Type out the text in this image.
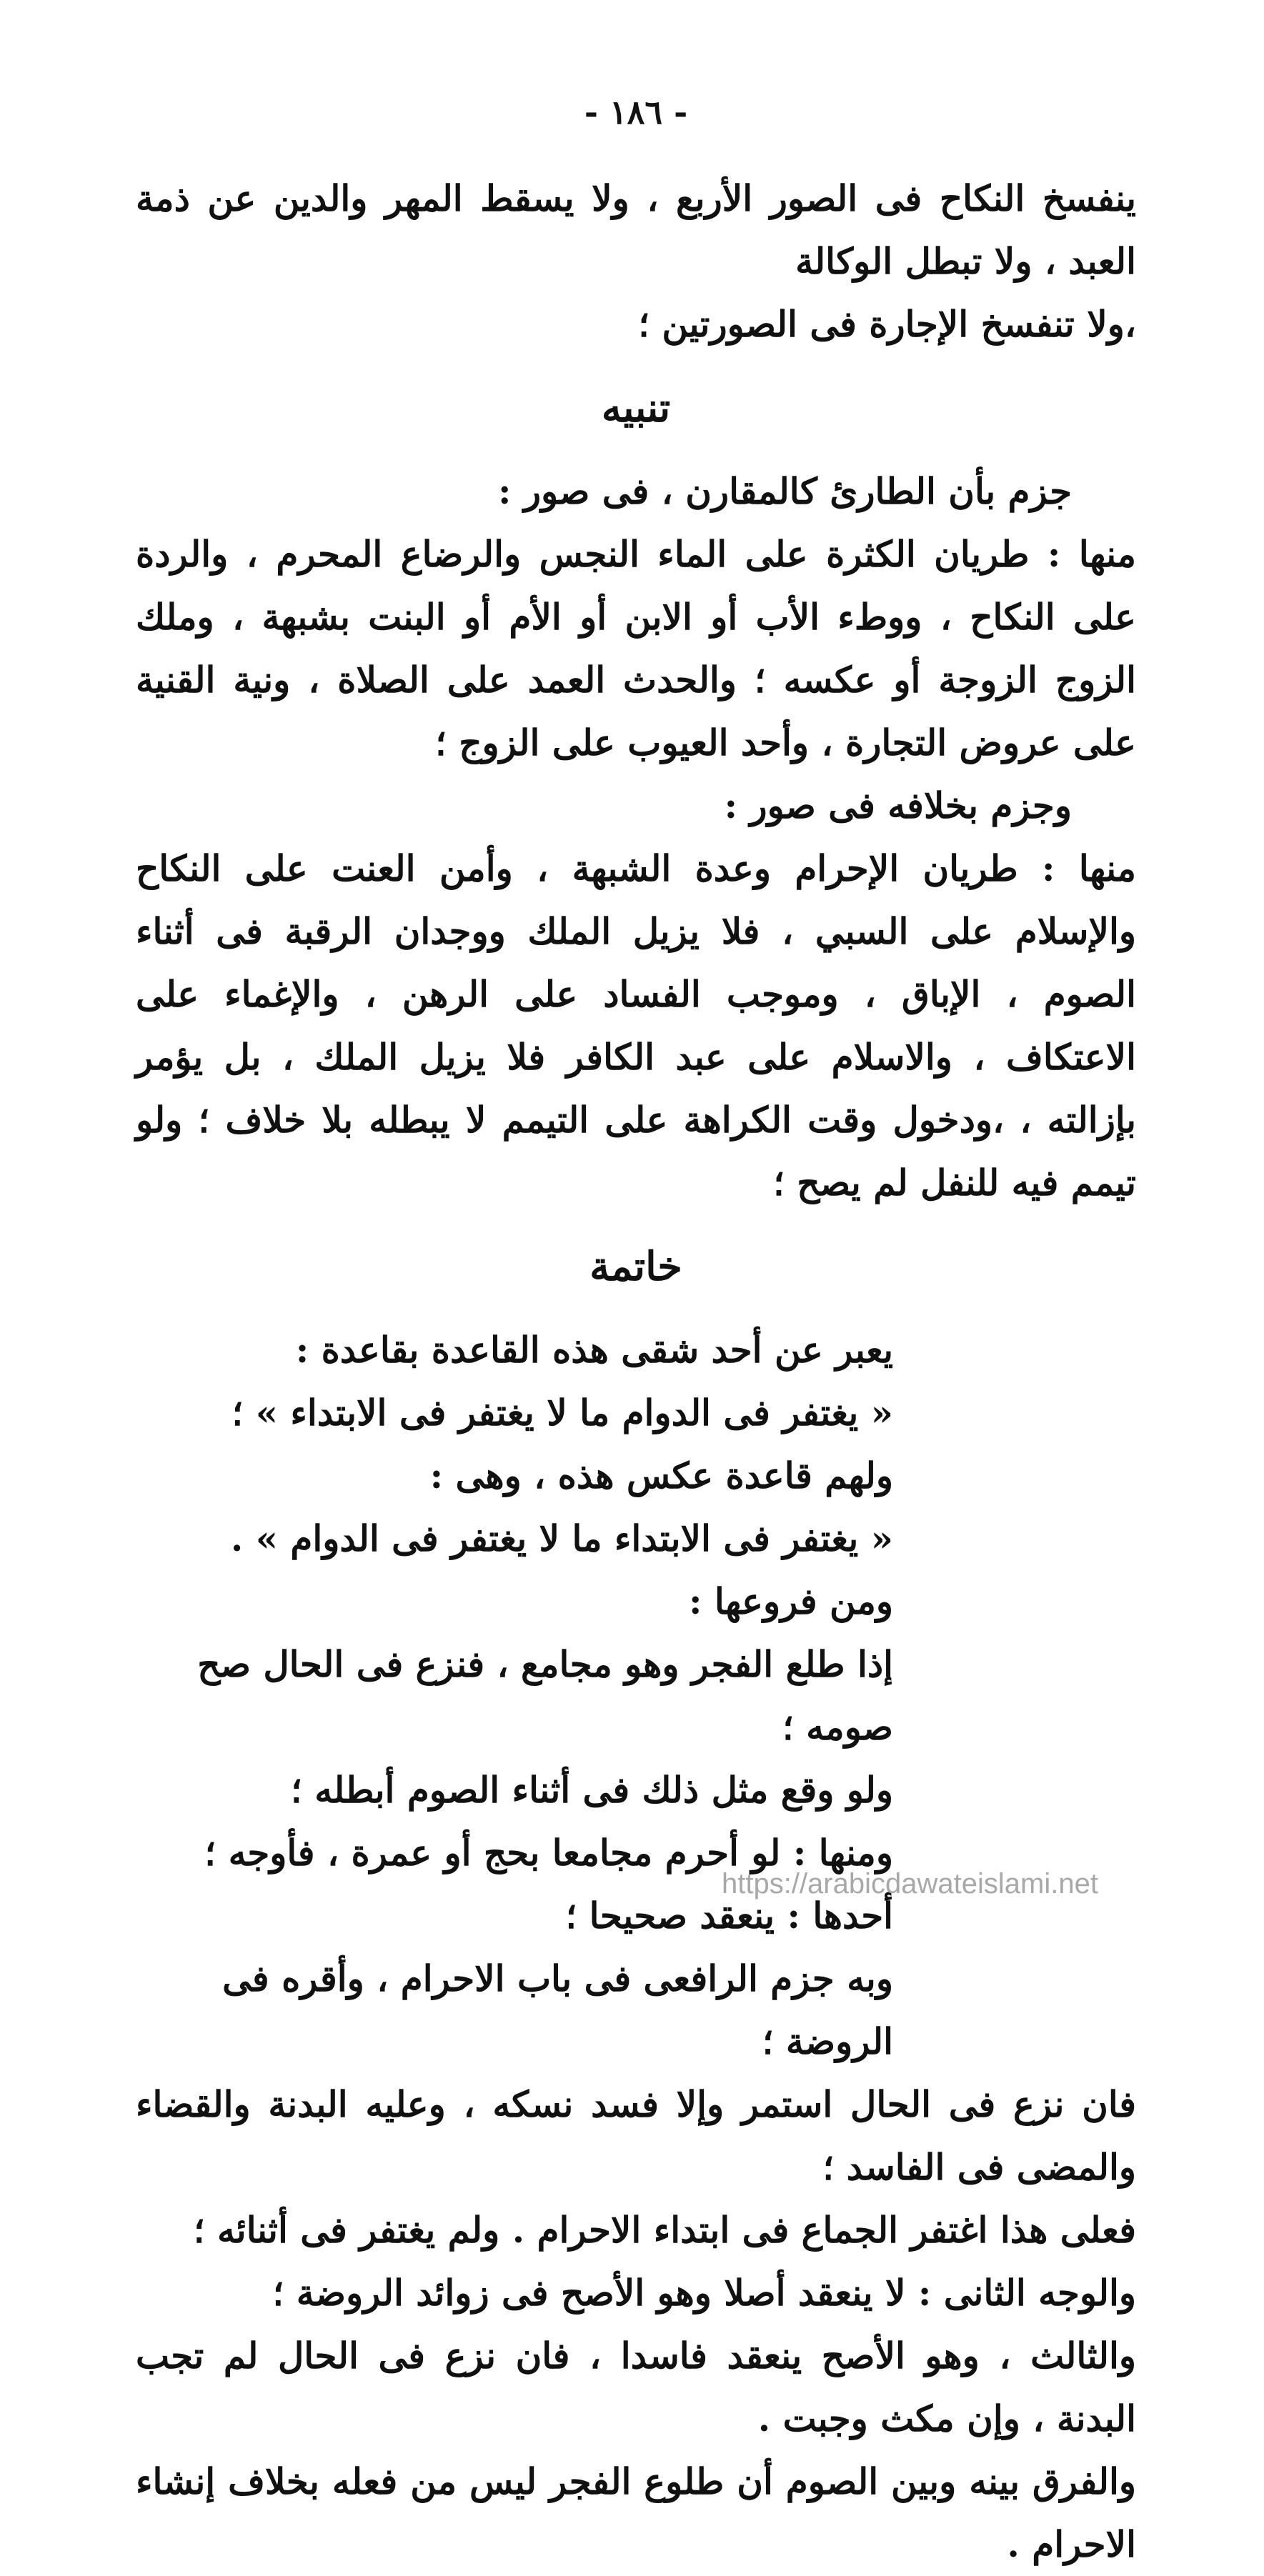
- ١٨٦ -

ينفسخ النكاح فى الصور الأربع ، ولا يسقط المهر والدين عن ذمة العبد ، ولا تبطل الوكالة

،ولا تنفسخ الإجارة فى الصورتين ؛

تنبيه

جزم بأن الطارئ كالمقارن ، فى صور :

منها : طريان الكثرة على الماء النجس والرضاع المحرم ، والردة على النكاح ، ووطء الأب أو الابن أو الأم أو البنت بشبهة ، وملك الزوج الزوجة أو عكسه ؛ والحدث العمد على الصلاة ، ونية القنية على عروض التجارة ، وأحد العيوب على الزوج ؛

وجزم بخلافه فى صور :

منها : طريان الإحرام وعدة الشبهة ، وأمن العنت على النكاح والإسلام على السبي ، فلا يزيل الملك ووجدان الرقبة فى أثناء الصوم ، الإباق ، وموجب الفساد على الرهن ، والإغماء على الاعتكاف ، والاسلام على عبد الكافر فلا يزيل الملك ، بل يؤمر بإزالته ، ،ودخول وقت الكراهة على التيمم لا يبطله بلا خلاف ؛ ولو تيمم فيه للنفل لم يصح ؛

خاتمة

يعبر عن أحد شقى هذه القاعدة بقاعدة :

« يغتفر فى الدوام ما لا يغتفر فى الابتداء » ؛

ولهم قاعدة عكس هذه ، وهى :

« يغتفر فى الابتداء ما لا يغتفر فى الدوام » .

ومن فروعها :

إذا طلع الفجر وهو مجامع ، فنزع فى الحال صح صومه ؛

ولو وقع مثل ذلك فى أثناء الصوم أبطله ؛

ومنها : لو أحرم مجامعا بحج أو عمرة ، فأوجه ؛

أحدها : ينعقد صحيحا ؛

وبه جزم الرافعى فى باب الاحرام ، وأقره فى الروضة ؛

فان نزع فى الحال استمر وإلا فسد نسكه ، وعليه البدنة والقضاء والمضى فى الفاسد ؛

فعلى هذا اغتفر الجماع فى ابتداء الاحرام . ولم يغتفر فى أثنائه ؛

والوجه الثانى : لا ينعقد أصلا وهو الأصح فى زوائد الروضة ؛

والثالث ، وهو الأصح ينعقد فاسدا ، فان نزع فى الحال لم تجب البدنة ، وإن مكث وجبت .

والفرق بينه وبين الصوم أن طلوع الفجر ليس من فعله بخلاف إنشاء الاحرام .

https://arabicdawateislami.net
